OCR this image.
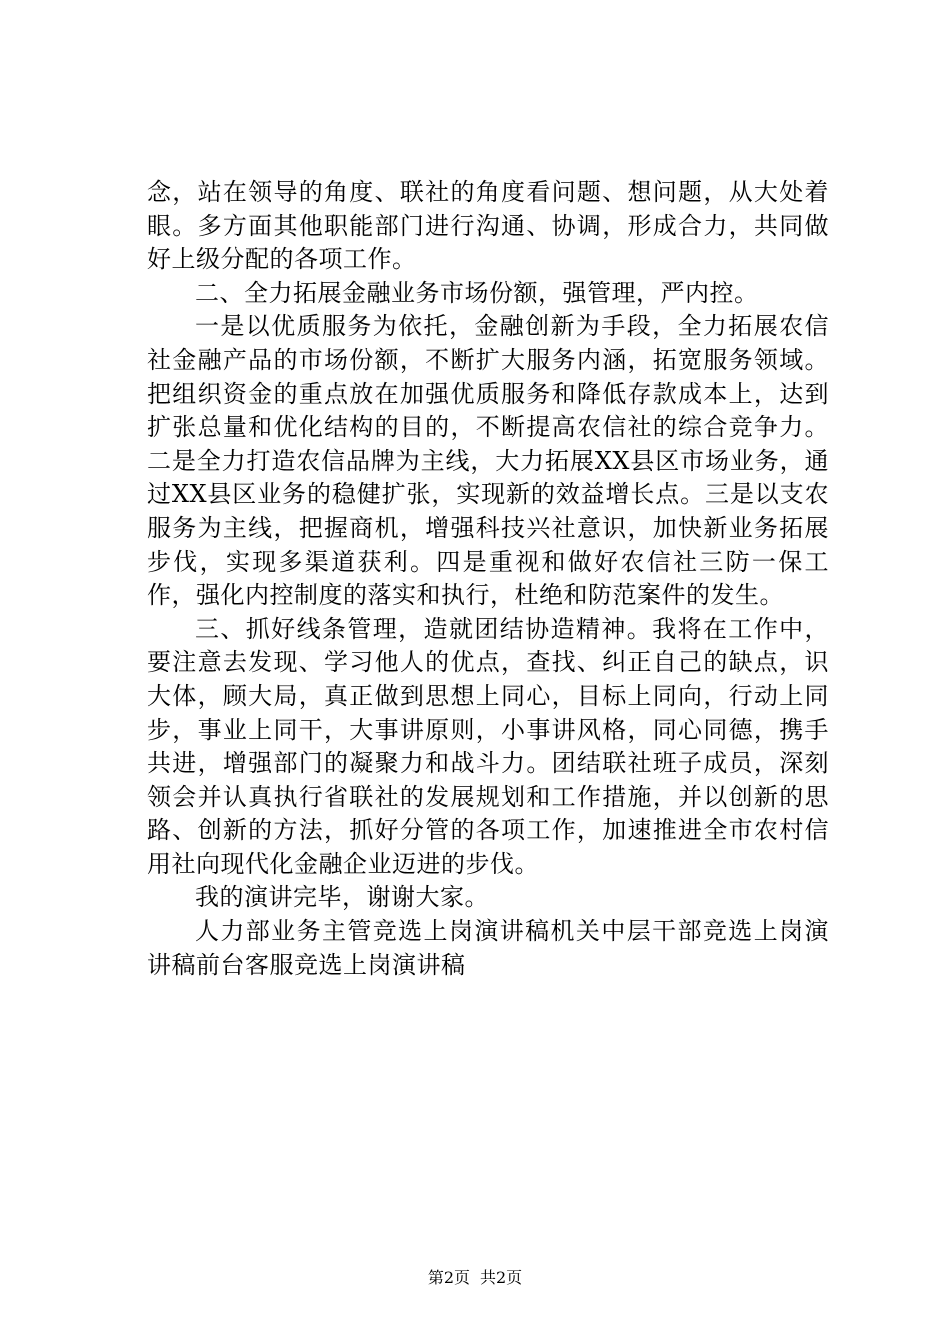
念，站在领导的角度、联社的角度看问题、想问题，从大处着眼。多方面其他职能部门进行沟通、协调，形成合力，共同做好上级分配的各项工作。

二、全力拓展金融业务市场份额，强管理，严内控。

一是以优质服务为依托，金融创新为手段，全力拓展农信社金融产品的市场份额，不断扩大服务内涵，拓宽服务领域。把组织资金的重点放在加强优质服务和降低存款成本上，达到扩张总量和优化结构的目的，不断提高农信社的综合竞争力。二是全力打造农信品牌为主线，大力拓展XX县区市场业务，通过XX县区业务的稳健扩张，实现新的效益增长点。三是以支农服务为主线，把握商机，增强科技兴社意识，加快新业务拓展步伐，实现多渠道获利。四是重视和做好农信社三防一保工作，强化内控制度的落实和执行，杜绝和防范案件的发生。

三、抓好线条管理，造就团结协造精神。我将在工作中，要注意去发现、学习他人的优点，查找、纠正自己的缺点，识大体，顾大局，真正做到思想上同心，目标上同向，行动上同步，事业上同干，大事讲原则，小事讲风格，同心同德，携手共进，增强部门的凝聚力和战斗力。团结联社班子成员，深刻领会并认真执行省联社的发展规划和工作措施，并以创新的思路、创新的方法，抓好分管的各项工作，加速推进全市农村信用社向现代化金融企业迈进的步伐。

我的演讲完毕，谢谢大家。

人力部业务主管竞选上岗演讲稿机关中层干部竞选上岗演讲稿前台客服竞选上岗演讲稿

第2页 共2页
